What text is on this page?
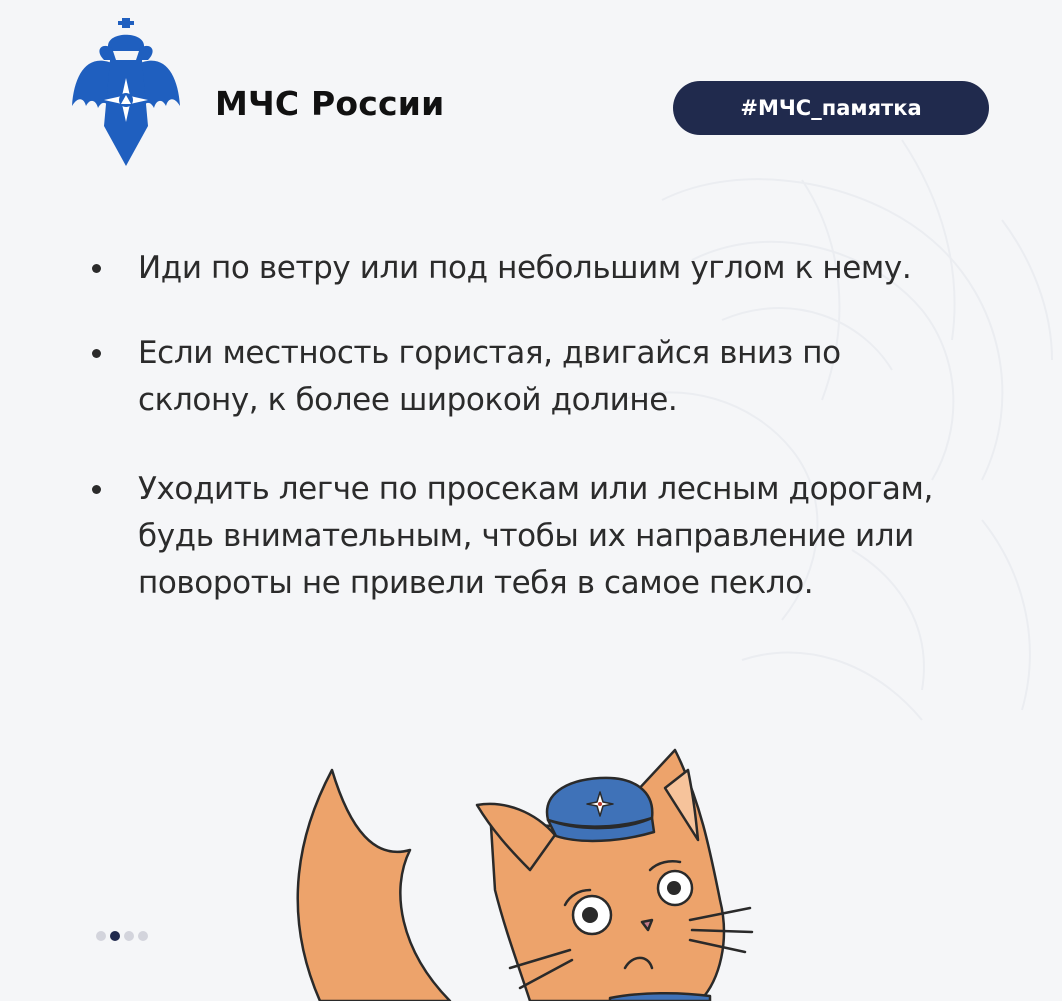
МЧС России	#МЧС_памятка
Иди по ветру или под небольшим углом к нему.
Если местность гористая, двигайся вниз по склону, к более широкой долине.
Уходить легче по просекам или лесным дорогам, будь внимательным, чтобы их направление или повороты не привели тебя в самое пекло.
